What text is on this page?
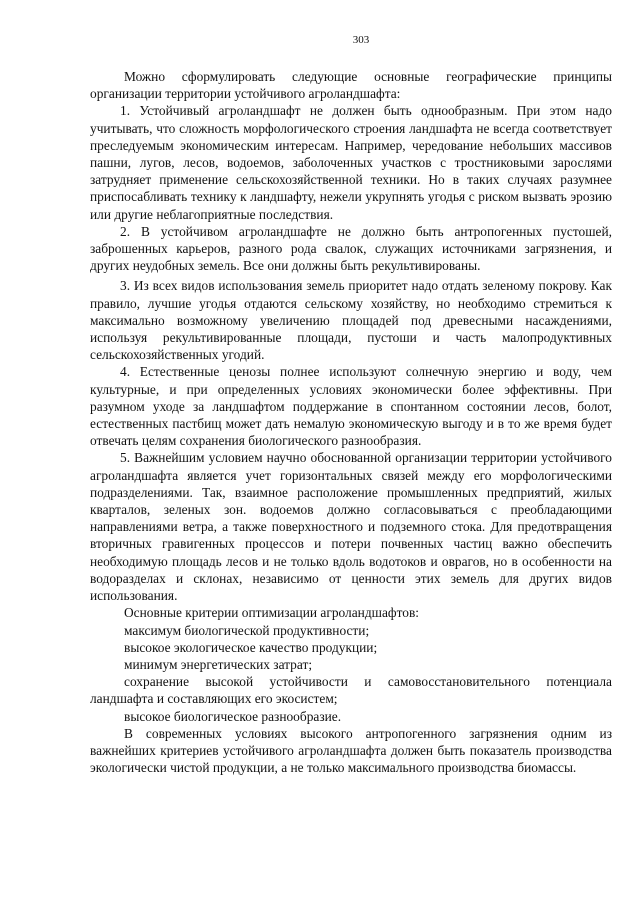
303

Можно сформулировать следующие основные географические принципы организации территории устойчивого агроландшафта:

1. Устойчивый агроландшафт не должен быть однообразным. При этом надо учитывать, что сложность морфологического строения ландшафта не всегда соответствует преследуемым экономическим интересам. Например, чередование небольших массивов пашни, лугов, лесов, водоемов, заболоченных участков с тростниковыми зарослями затрудняет применение сельскохозяйственной техники. Но в таких случаях разумнее приспосабливать технику к ландшафту, нежели укрупнять угодья с риском вызвать эрозию или другие неблагоприятные последствия.

2. В устойчивом агроландшафте не должно быть антропогенных пустошей, заброшенных карьеров, разного рода свалок, служащих источниками загрязнения, и других неудобных земель. Все они должны быть рекультивированы.

3. Из всех видов использования земель приоритет надо отдать зеленому покрову. Как правило, лучшие угодья отдаются сельскому хозяйству, но необходимо стремиться к максимально возможному увеличению площадей под древесными насаждениями, используя рекультивированные площади, пустоши и часть малопродуктивных сельскохозяйственных угодий.

4. Естественные ценозы полнее используют солнечную энергию и воду, чем культурные, и при определенных условиях экономически более эффективны. При разумном уходе за ландшафтом поддержание в спонтанном состоянии лесов, болот, естественных пастбищ может дать немалую экономическую выгоду и в то же время будет отвечать целям сохранения биологического разнообразия.

5. Важнейшим условием научно обоснованной организации территории устойчивого агроландшафта является учет горизонтальных связей между его морфологическими подразделениями. Так, взаимное расположение промышленных предприятий, жилых кварталов, зеленых зон. водоемов должно согласовываться с преобладающими направлениями ветра, а также поверхностного и подземного стока. Для предотвращения вторичных гравигенных процессов и потери почвенных частиц важно обеспечить необходимую площадь лесов и не только вдоль водотоков и оврагов, но в особенности на водоразделах и склонах, независимо от ценности этих земель для других видов использования.

Основные критерии оптимизации агроландшафтов:

максимум биологической продуктивности;

высокое экологическое качество продукции;

минимум энергетических затрат;

сохранение высокой устойчивости и самовосстановительного потенциала ландшафта и составляющих его экосистем;

высокое биологическое разнообразие.

В современных условиях высокого антропогенного загрязнения одним из важнейших критериев устойчивого агроландшафта должен быть показатель производства экологически чистой продукции, а не только максимального производства биомассы.
